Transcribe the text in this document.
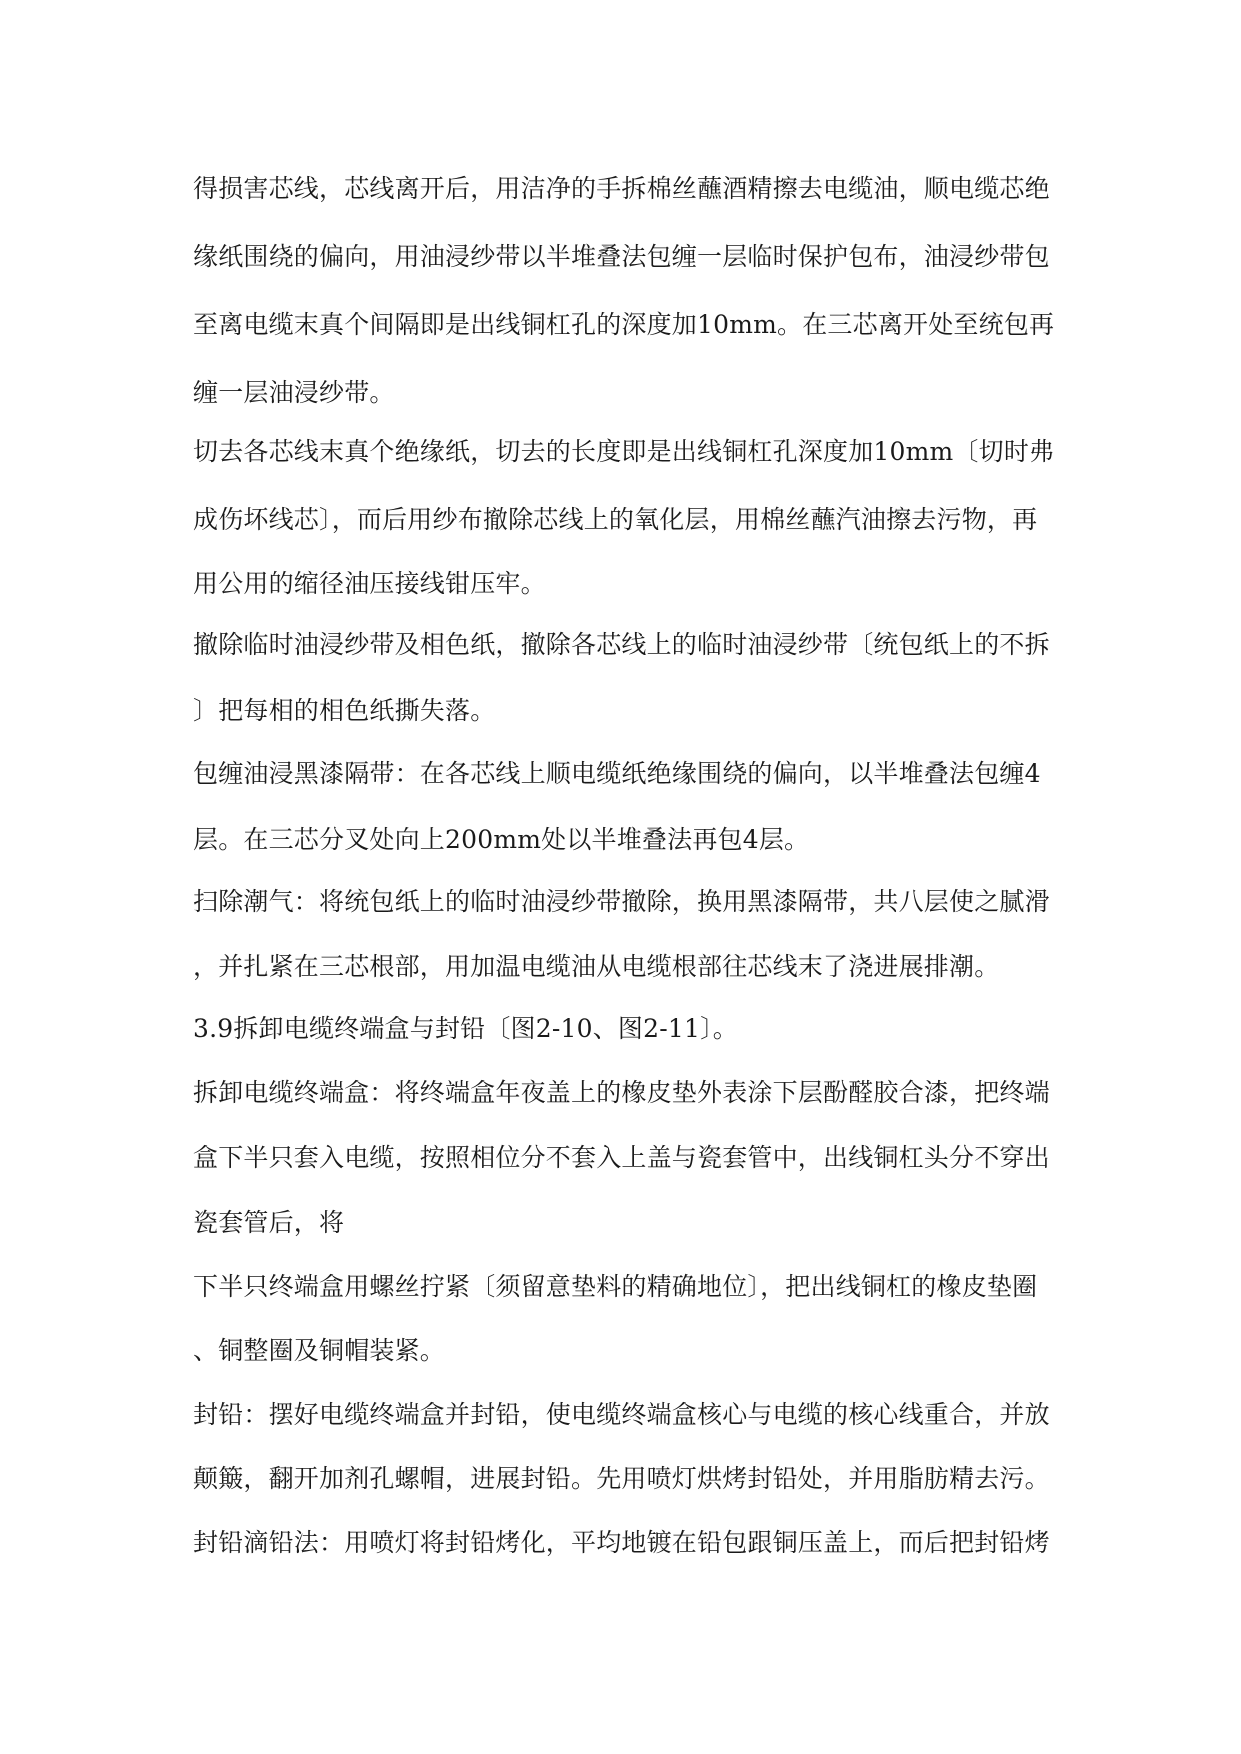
得损害芯线，芯线离开后，用洁净的手拆棉丝蘸酒精擦去电缆油，顺电缆芯绝
缘纸围绕的偏向，用油浸纱带以半堆叠法包缠一层临时保护包布，油浸纱带包
至离电缆末真个间隔即是出线铜杠孔的深度加10mm。在三芯离开处至统包再
缠一层油浸纱带。
切去各芯线末真个绝缘纸，切去的长度即是出线铜杠孔深度加10mm〔切时弗
成伤坏线芯〕，而后用纱布撤除芯线上的氧化层，用棉丝蘸汽油擦去污物，再
用公用的缩径油压接线钳压牢。
撤除临时油浸纱带及相色纸，撤除各芯线上的临时油浸纱带〔统包纸上的不拆
〕把每相的相色纸撕失落。
包缠油浸黑漆隔带：在各芯线上顺电缆纸绝缘围绕的偏向，以半堆叠法包缠4
层。在三芯分叉处向上200mm处以半堆叠法再包4层。
扫除潮气：将统包纸上的临时油浸纱带撤除，换用黑漆隔带，共八层使之腻滑
，并扎紧在三芯根部，用加温电缆油从电缆根部往芯线末了浇进展排潮。
3.9拆卸电缆终端盒与封铅〔图2-10、图2-11〕。
拆卸电缆终端盒：将终端盒年夜盖上的橡皮垫外表涂下层酚醛胶合漆，把终端
盒下半只套入电缆，按照相位分不套入上盖与瓷套管中，出线铜杠头分不穿出
瓷套管后，将
下半只终端盒用螺丝拧紧〔须留意垫料的精确地位〕，把出线铜杠的橡皮垫圈
、铜整圈及铜帽装紧。
封铅：摆好电缆终端盒并封铅，使电缆终端盒核心与电缆的核心线重合，并放
颠簸，翻开加剂孔螺帽，进展封铅。先用喷灯烘烤封铅处，并用脂肪精去污。
封铅滴铅法：用喷灯将封铅烤化，平均地镀在铅包跟铜压盖上，而后把封铅烤
